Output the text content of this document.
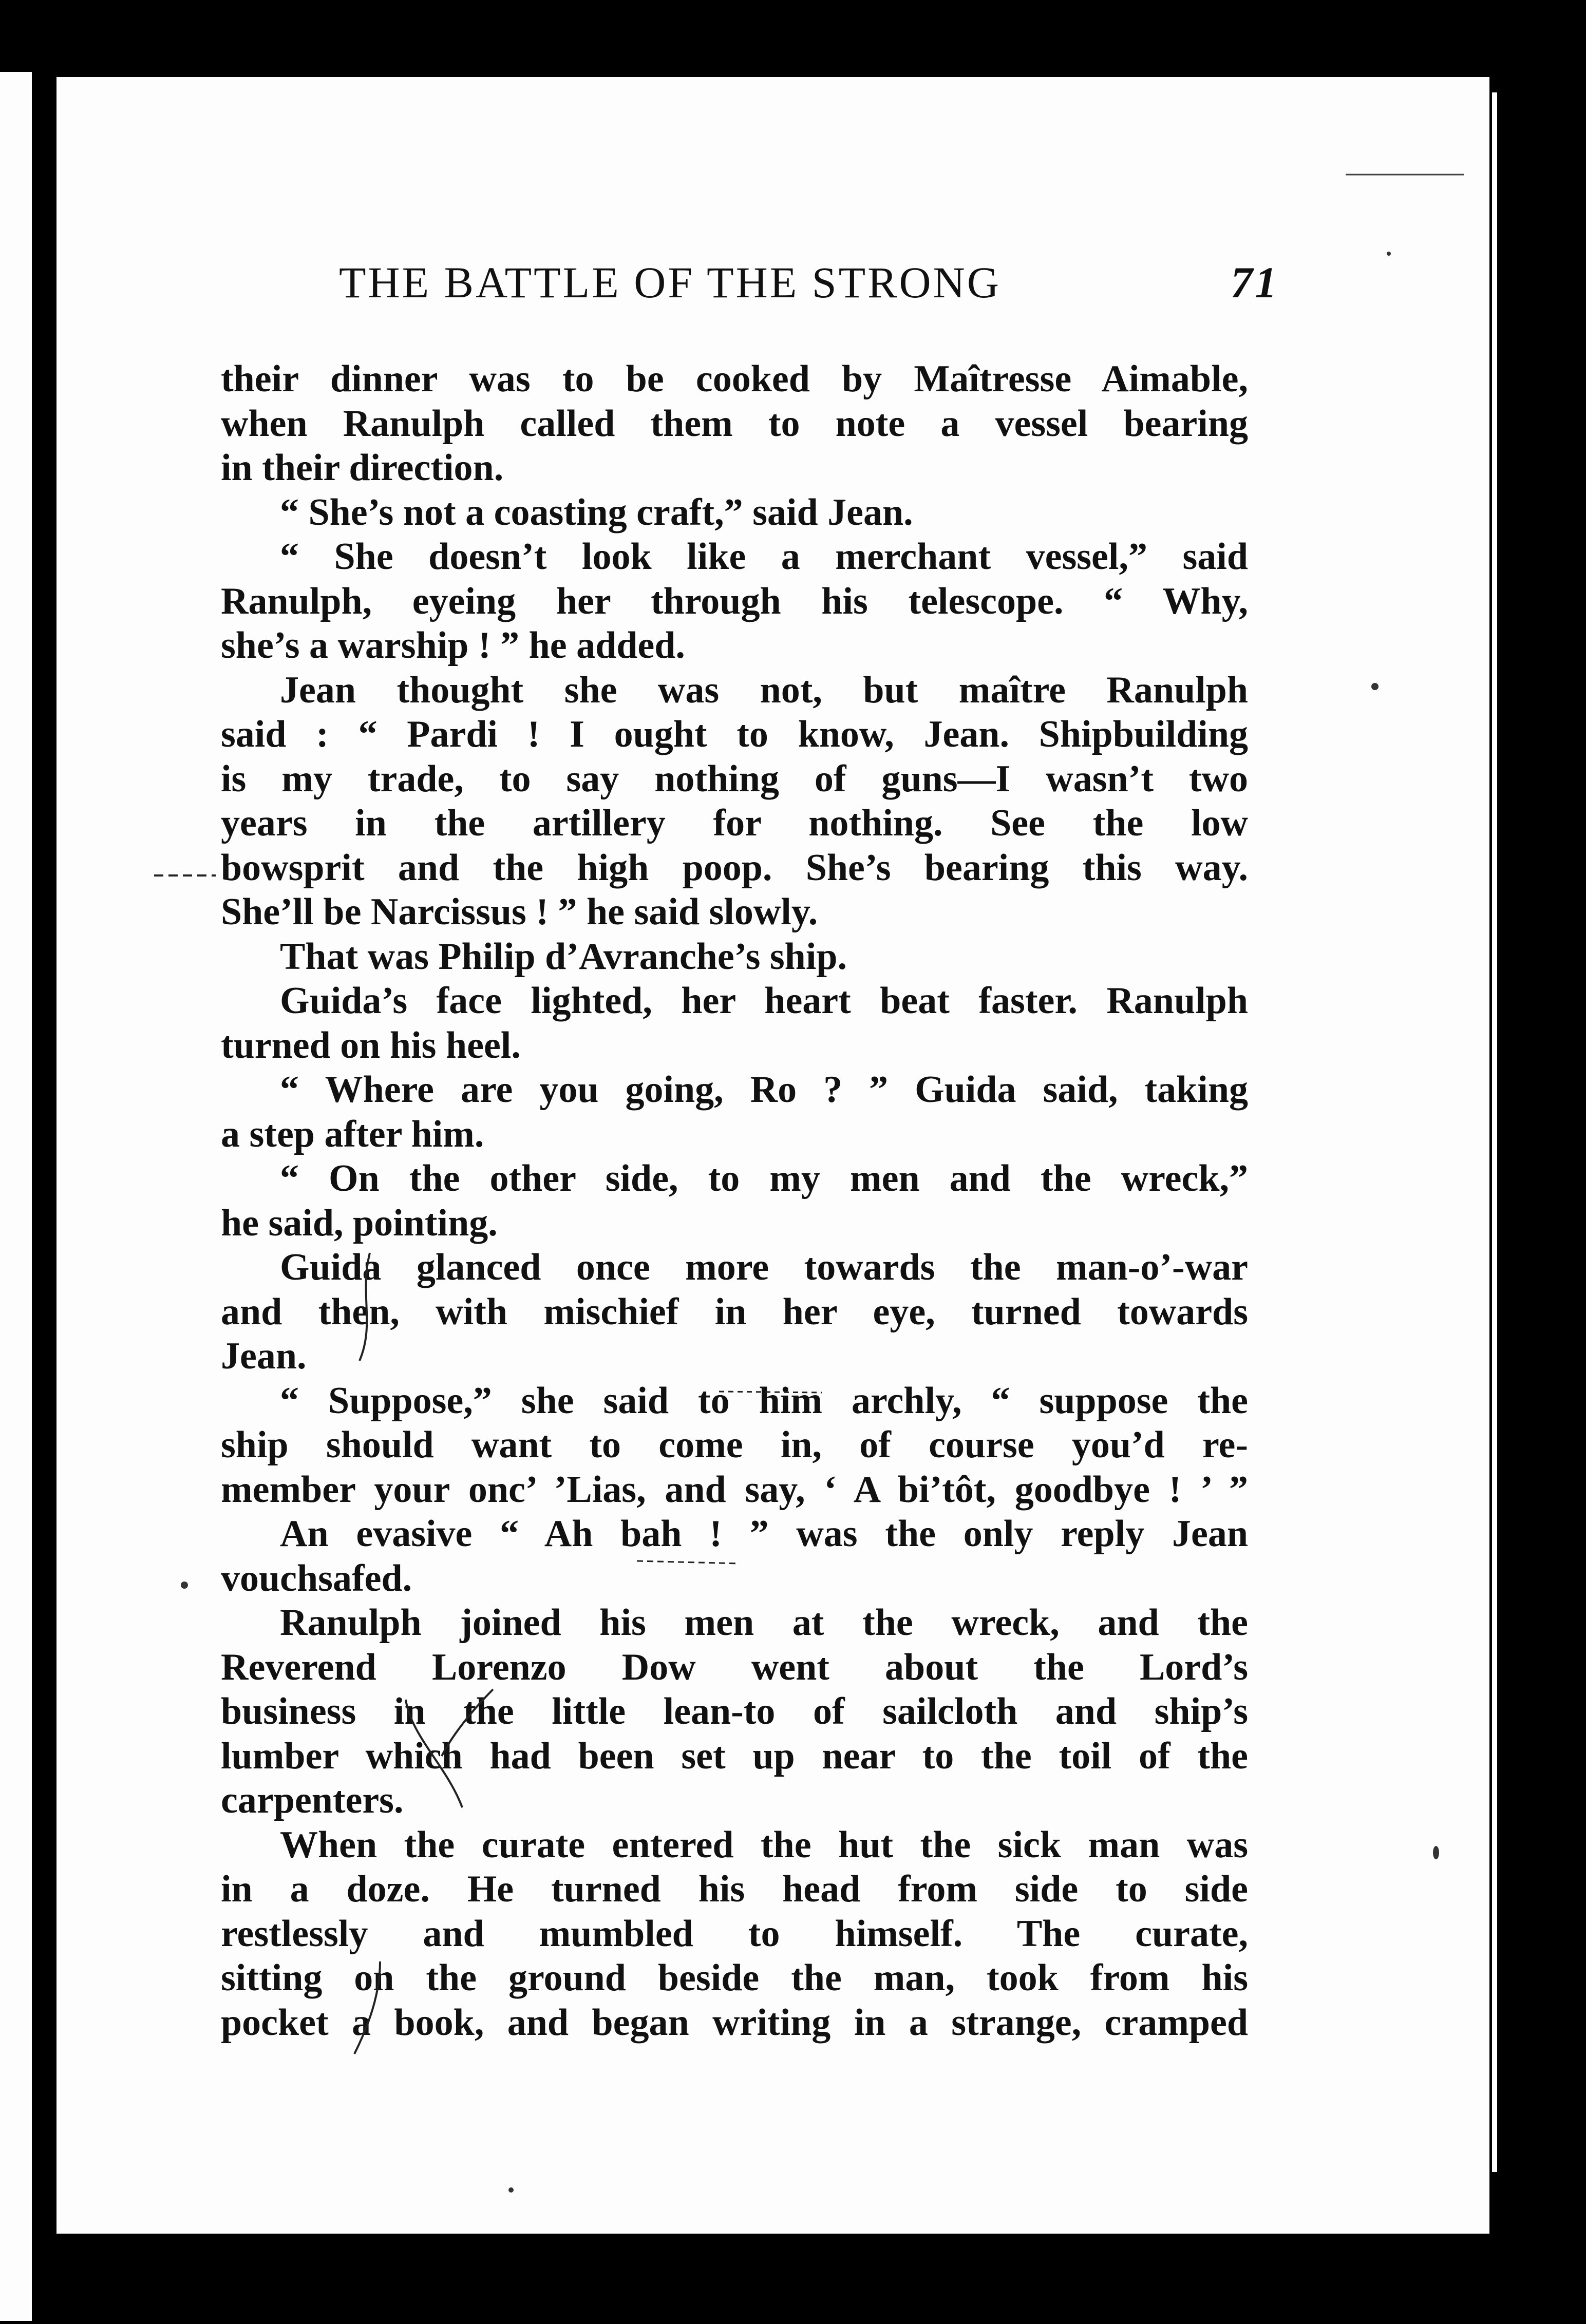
THE BATTLE OF THE STRONG	71
their dinner was to be cooked by Maîtresse Aimable,
when Ranulph called them to note a vessel bearing
in their direction.
“ She’s not a coasting craft,” said Jean.
“ She doesn’t look like a merchant vessel,” said
Ranulph, eyeing her through his telescope. “ Why,
she’s a warship ! ” he added.
Jean thought she was not, but maître Ranulph
said : “ Pardi ! I ought to know, Jean. Shipbuilding
is my trade, to say nothing of guns—I wasn’t two
years in the artillery for nothing. See the low
bowsprit and the high poop. She’s bearing this way.
She’ll be Narcissus ! ” he said slowly.
That was Philip d’Avranche’s ship.
Guida’s face lighted, her heart beat faster. Ranulph
turned on his heel.
“ Where are you going, Ro ? ” Guida said, taking
a step after him.
“ On the other side, to my men and the wreck,”
he said, pointing.
Guida glanced once more towards the man-o’-war
and then, with mischief in her eye, turned towards
Jean.
“ Suppose,” she said to him archly, “ suppose the
ship should want to come in, of course you’d re-
member your onc’ ’Lias, and say, ‘ A bi’tôt, goodbye ! ’ ”
An evasive “ Ah bah ! ” was the only reply Jean
vouchsafed.
Ranulph joined his men at the wreck, and the
Reverend Lorenzo Dow went about the Lord’s
business in the little lean-to of sailcloth and ship’s
lumber which had been set up near to the toil of the
carpenters.
When the curate entered the hut the sick man was
in a doze. He turned his head from side to side
restlessly and mumbled to himself. The curate,
sitting on the ground beside the man, took from his
pocket a book, and began writing in a strange, cramped
